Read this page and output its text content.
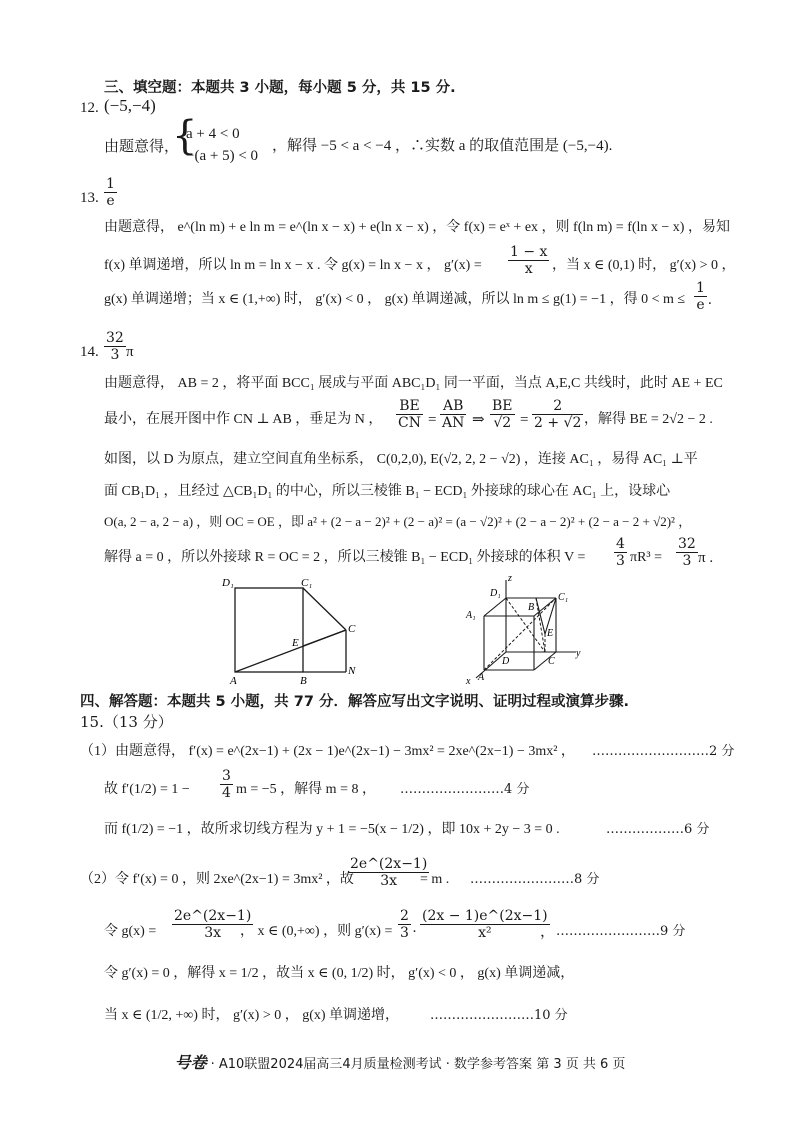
三、填空题：本题共 3 小题，每小题 5 分，共 15 分.
12. (−5,−4)
由题意得，
{
a + 4 < 0
−(a + 5) < 0
，解得 −5 < a < −4 ，∴实数 a 的取值范围是 (−5,−4).
13. $\frac{1}{e}$
由题意得， e^(ln m) + e ln m = e^(ln x − x) + e(ln x − x) ，令 f(x) = eˣ + ex ，则 f(ln m) = f(ln x − x) ，易知
f(x) 单调递增，所以 ln m = ln x − x . 令 g(x) = ln x − x ， $g'(x) = \frac{1 - x}{x}$ ，当 x ∈ (0,1) 时， g′(x) > 0 ，
g(x) 单调递增；当 x ∈ (1,+∞) 时， g′(x) < 0 ， g(x) 单调递减，所以 ln m ≤ g(1) = −1 ，得 $0 < m \le \frac{1}{e}$ .
14. $\frac{32}{3}$ π
由题意得， AB = 2 ，将平面 BCC₁ 展成与平面 ABC₁D₁ 同一平面，当点 A,E,C 共线时，此时 AE + EC
最小，在展开图中作 CN ⊥ AB ，垂足为 N ， $\frac{BE}{CN} = \frac{AB}{AN}$ ⇒ $\frac{BE}{√2} = \frac{2}{2 + √2}$ ，解得 BE = 2√2 − 2 .
如图，以 D 为原点，建立空间直角坐标系， C(0,2,0), E(√2, 2, 2 − √2) ，连接 AC₁ ，易得 AC₁ ⊥平
面 CB₁D₁ ，且经过 △CB₁D₁ 的中心，所以三棱锥 B₁ − ECD₁ 外接球的球心在 AC₁ 上，设球心
O(a, 2 − a, 2 − a) ，则 OC = OE ，即 a² + (2 − a − 2)² + (2 − a)² = (a − √2)² + (2 − a − 2)² + (2 − a − 2 + √2)² ，
解得 a = 0 ，所以外接球 R = OC = 2 ，所以三棱锥 B₁ − ECD₁ 外接球的体积 $V = \frac{4}{3} \pi R^3 = \frac{32}{3}$ π .
D₁	C₁
C
E
A	B
N
z
D₁
B
C₁
A₁
E
D
A
C
x
y
四、解答题：本题共 5 小题，共 77 分．解答应写出文字说明、证明过程或演算步骤.
15.（13 分）
（1）由题意得， f′(x) = e^(2x−1) + (2x − 1)e^(2x−1) − 3mx² = 2xe^(2x−1) − 3mx² ， ………………………2 分
故 $f'(1/2) = 1 - \frac{3}{4}$ m = −5 ，解得 m = 8 ， ……………………4 分
而 f(1/2) = −1 ，故所求切线方程为 y + 1 = −5(x − 1/2) ，即 10x + 2y − 3 = 0 .	………………6 分
（2）令 f′(x) = 0 ，则 2xe^(2x−1) = 3mx² ，故
$\frac{2e\^{}(2x-1)}{3x}$
= m . ……………………8 分
令 $g(x) = \frac{2e\^{}(2x-1)}{3x}$
， x ∈ (0,+∞) ，则 $g'(x) = \frac{2}{3} \cdot \frac{(2x - 1)e\^{}(2x-1)}{\text{x²}}$
， ……………………9 分
令 g′(x) = 0 ，解得 x = 1/2 ，故当 x ∈ (0, 1/2) 时， g′(x) < 0 ， g(x) 单调递减，
当 x ∈ (1/2, +∞) 时， g′(x) > 0 ， g(x) 单调递增， ……………………10 分
号卷 · A10联盟2024届高三4月质量检测考试 · 数学参考答案 第 3 页 共 6 页
